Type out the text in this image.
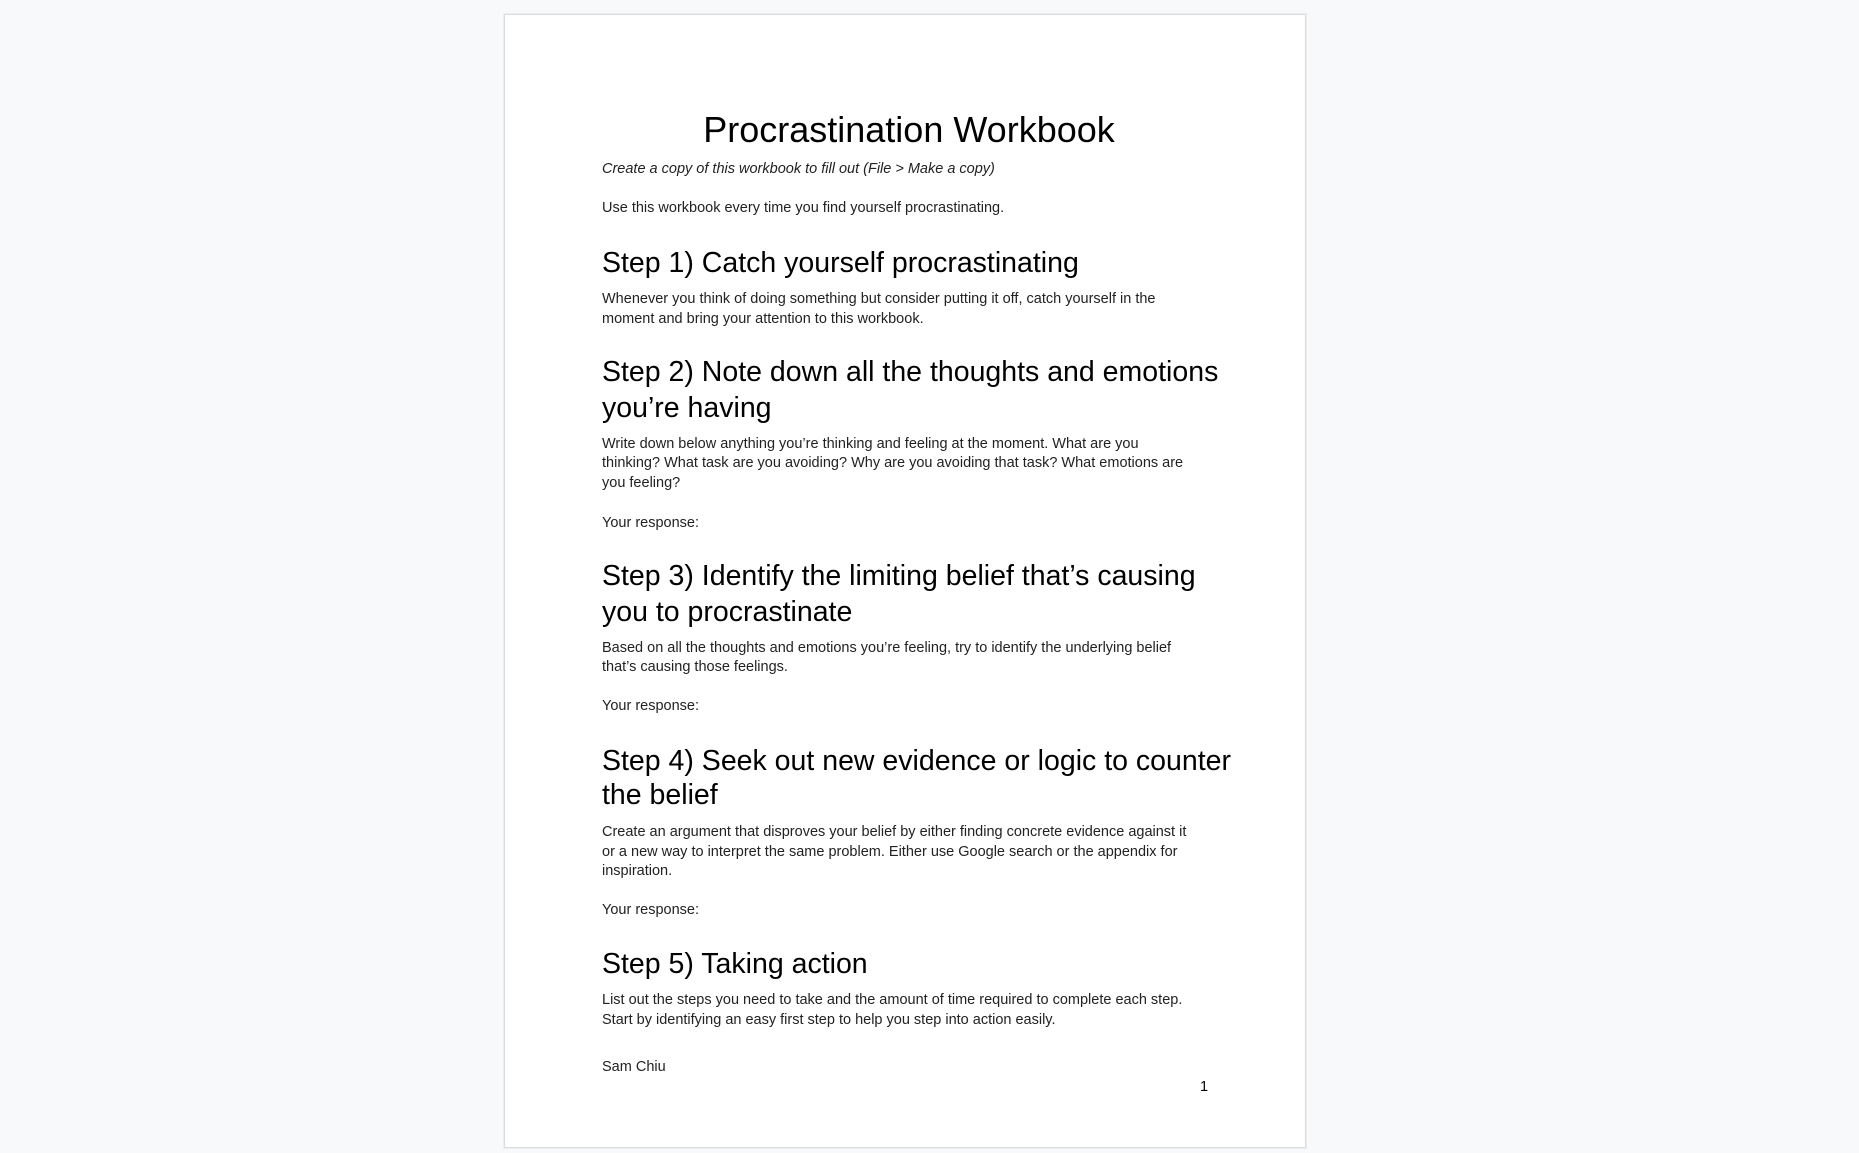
Procrastination Workbook
Create a copy of this workbook to fill out (File > Make a copy)
Use this workbook every time you find yourself procrastinating.
Step 1) Catch yourself procrastinating
Whenever you think of doing something but consider putting it off, catch yourself in the
moment and bring your attention to this workbook.
Step 2) Note down all the thoughts and emotions
you’re having
Write down below anything you’re thinking and feeling at the moment. What are you
thinking? What task are you avoiding? Why are you avoiding that task? What emotions are
you feeling?
Your response:
Step 3) Identify the limiting belief that’s causing
you to procrastinate
Based on all the thoughts and emotions you’re feeling, try to identify the underlying belief
that’s causing those feelings.
Your response:
Step 4) Seek out new evidence or logic to counter
the belief
Create an argument that disproves your belief by either finding concrete evidence against it
or a new way to interpret the same problem. Either use Google search or the appendix for
inspiration.
Your response:
Step 5) Taking action
List out the steps you need to take and the amount of time required to complete each step.
Start by identifying an easy first step to help you step into action easily.
Sam Chiu
1
